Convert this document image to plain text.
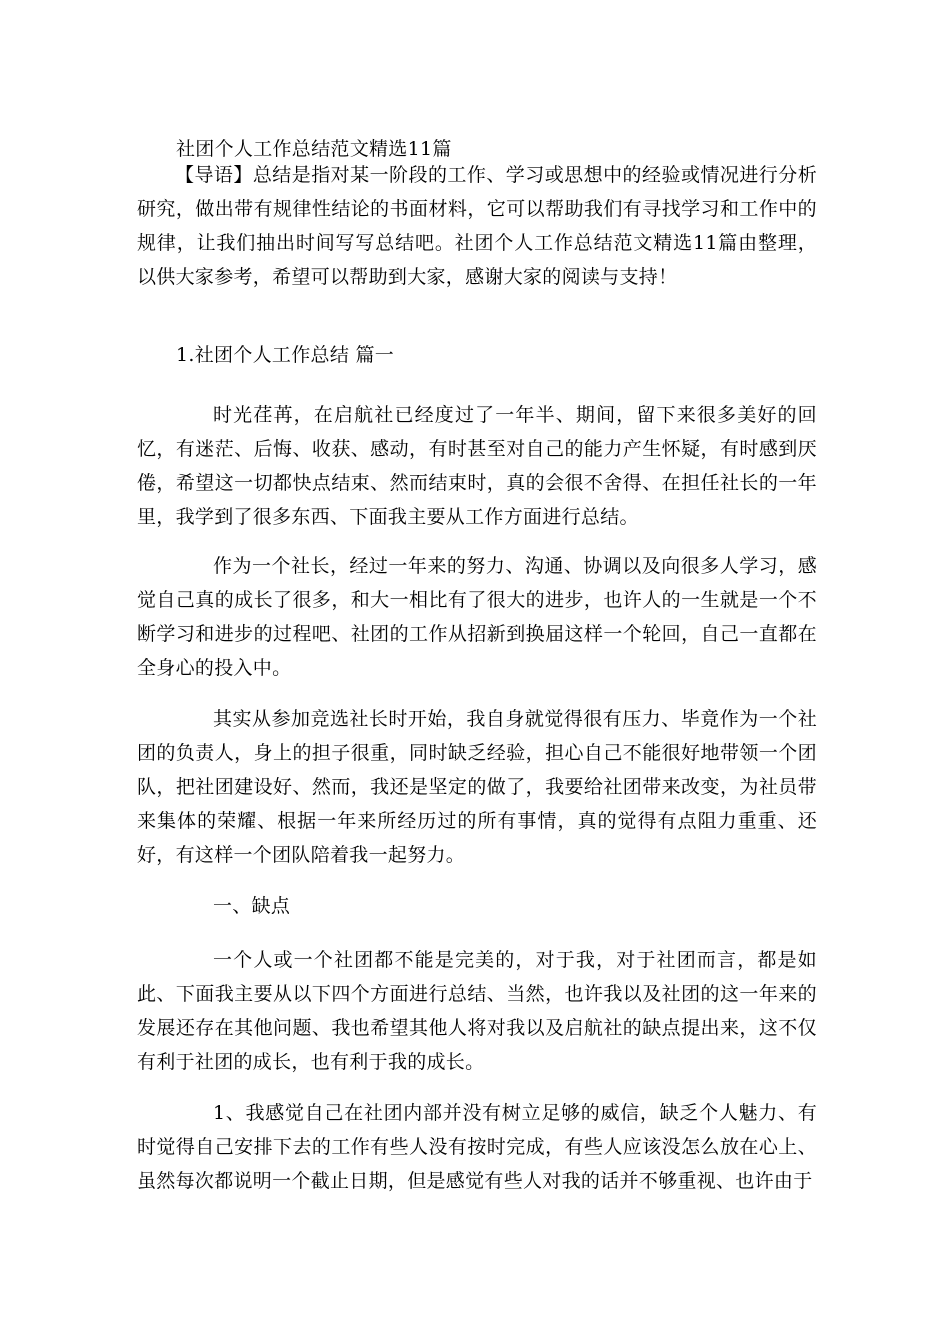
社团个人工作总结范文精选11篇

【导语】总结是指对某一阶段的工作、学习或思想中的经验或情况进行分析研究，做出带有规律性结论的书面材料，它可以帮助我们有寻找学习和工作中的规律，让我们抽出时间写写总结吧。社团个人工作总结范文精选11篇由整理，以供大家参考，希望可以帮助到大家，感谢大家的阅读与支持！

1.社团个人工作总结 篇一

时光荏苒，在启航社已经度过了一年半、期间，留下来很多美好的回忆，有迷茫、后悔、收获、感动，有时甚至对自己的能力产生怀疑，有时感到厌倦，希望这一切都快点结束、然而结束时，真的会很不舍得、在担任社长的一年里，我学到了很多东西、下面我主要从工作方面进行总结。

作为一个社长，经过一年来的努力、沟通、协调以及向很多人学习，感觉自己真的成长了很多，和大一相比有了很大的进步，也许人的一生就是一个不断学习和进步的过程吧、社团的工作从招新到换届这样一个轮回，自己一直都在全身心的投入中。

其实从参加竞选社长时开始，我自身就觉得很有压力、毕竟作为一个社团的负责人，身上的担子很重，同时缺乏经验，担心自己不能很好地带领一个团队，把社团建设好、然而，我还是坚定的做了，我要给社团带来改变，为社员带来集体的荣耀、根据一年来所经历过的所有事情，真的觉得有点阻力重重、还好，有这样一个团队陪着我一起努力。

一、缺点

一个人或一个社团都不能是完美的，对于我，对于社团而言，都是如此、下面我主要从以下四个方面进行总结、当然，也许我以及社团的这一年来的发展还存在其他问题、我也希望其他人将对我以及启航社的缺点提出来，这不仅有利于社团的成长，也有利于我的成长。

1、我感觉自己在社团内部并没有树立足够的威信，缺乏个人魅力、有时觉得自己安排下去的工作有些人没有按时完成，有些人应该没怎么放在心上、虽然每次都说明一个截止日期，但是感觉有些人对我的话并不够重视、也许由于
